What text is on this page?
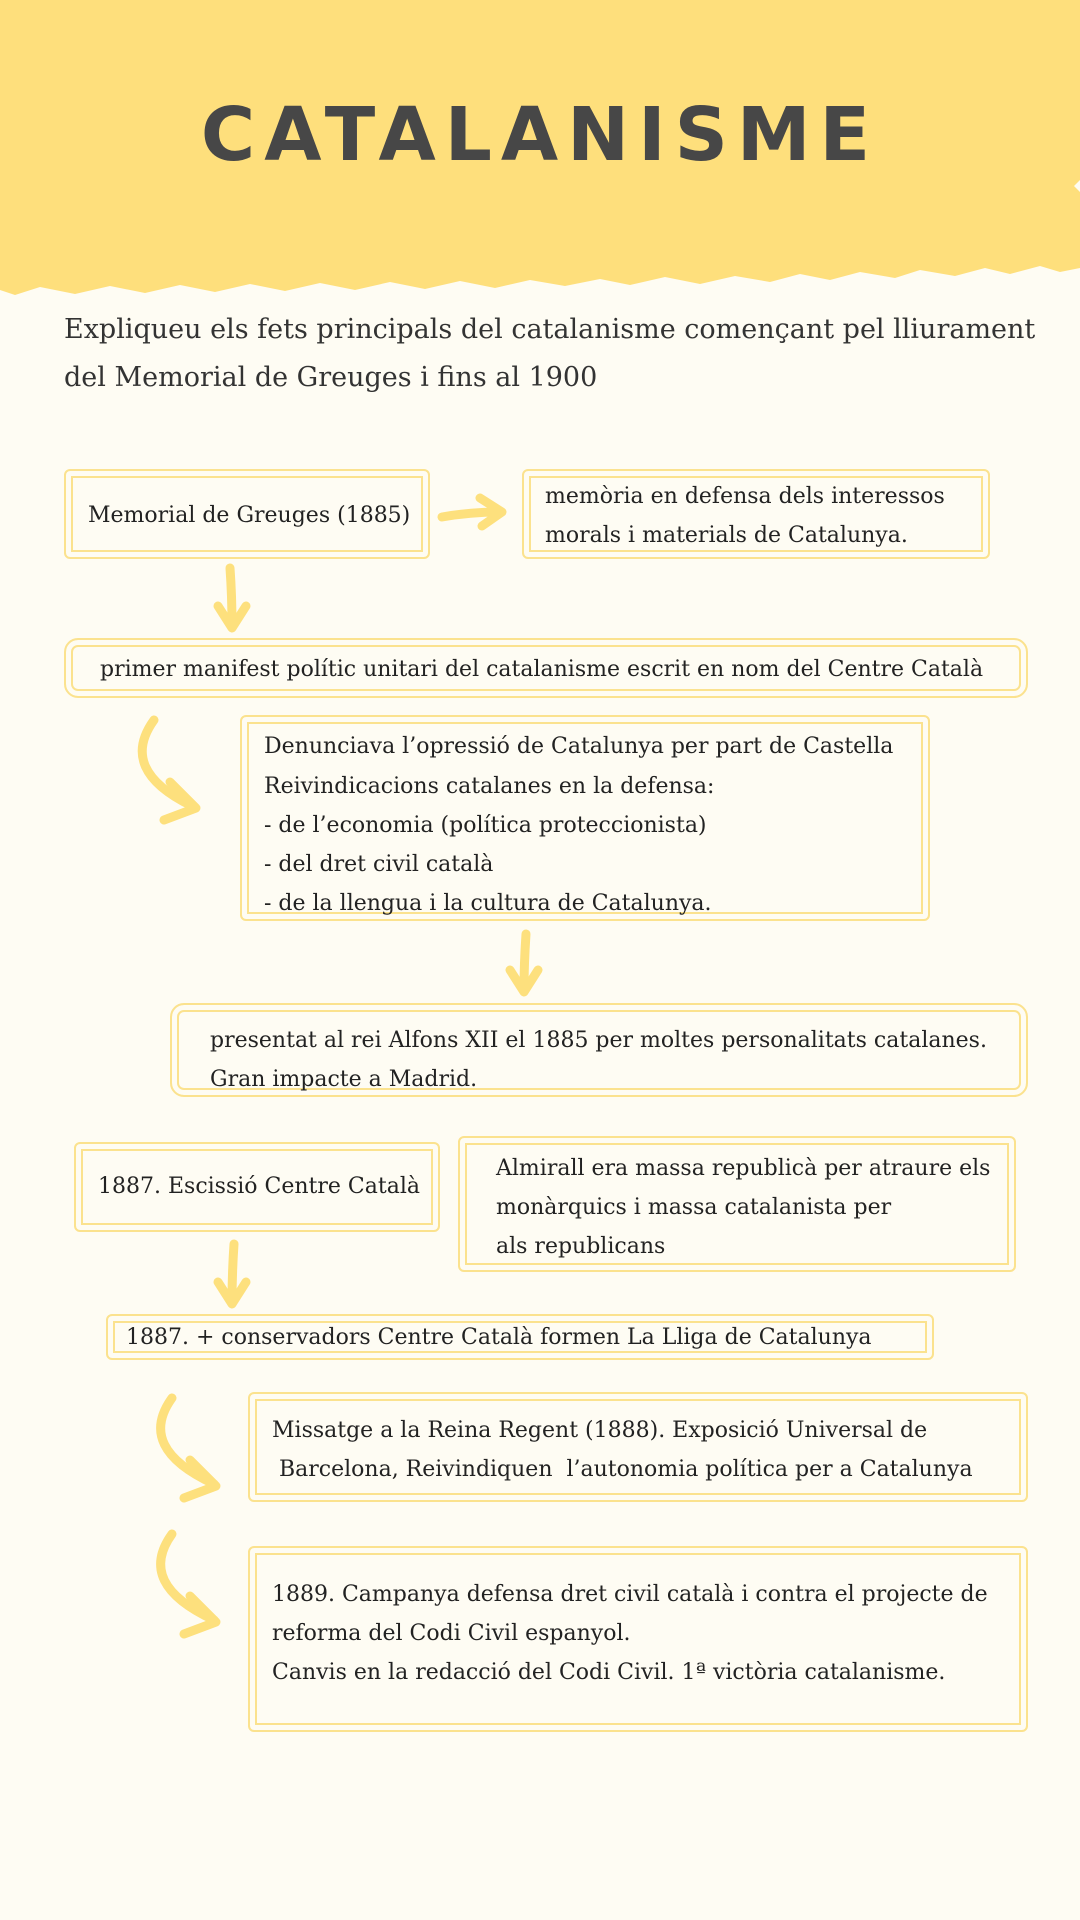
CATALANISME
Expliqueu els fets principals del catalanisme començant pel lliurament
del Memorial de Greuges i fins al 1900
Memorial de Greuges (1885)
memòria en defensa dels interessos
morals i materials de Catalunya.
primer manifest polític unitari del catalanisme escrit en nom del Centre Català
Denunciava l’opressió de Catalunya per part de Castella
Reivindicacions catalanes en la defensa:
- de l’economia (política proteccionista)
- del dret civil català
- de la llengua i la cultura de Catalunya.
presentat al rei Alfons XII el 1885 per moltes personalitats catalanes.
Gran impacte a Madrid.
1887. Escissió Centre Català
Almirall era massa republicà per atraure els
monàrquics i massa catalanista per
als republicans
1887. + conservadors Centre Català formen La Lliga de Catalunya
Missatge a la Reina Regent (1888). Exposició Universal de
Barcelona, Reivindiquen  l’autonomia política per a Catalunya
1889. Campanya defensa dret civil català i contra el projecte de
reforma del Codi Civil espanyol.
Canvis en la redacció del Codi Civil. 1ª victòria catalanisme.
